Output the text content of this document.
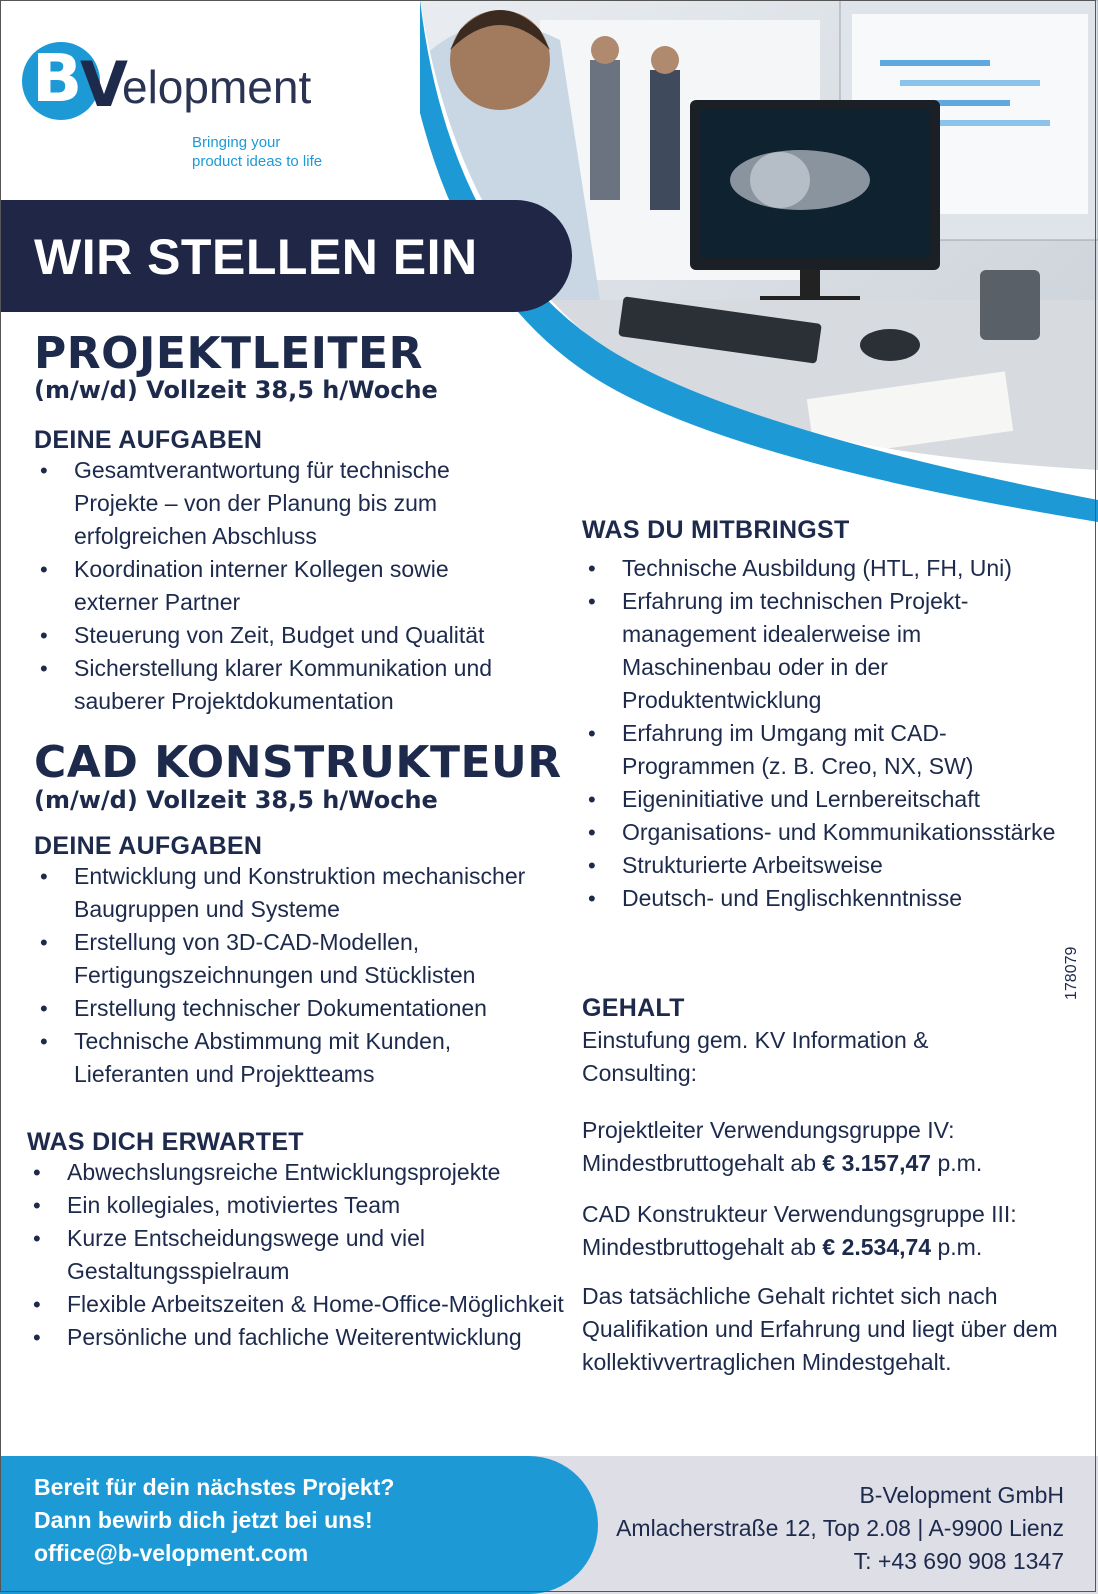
B V
elopment
Bringing your
product ideas to life
WIR STELLEN EIN
PROJEKTLEITER
(m/w/d) Vollzeit 38,5 h/Woche
DEINE AUFGABEN
• Gesamtverantwortung für technische Projekte – von der Planung bis zum erfolgreichen Abschluss
• Koordination interner Kollegen sowie externer Partner
• Steuerung von Zeit, Budget und Qualität
• Sicherstellung klarer Kommunikation und sauberer Projektdokumentation
CAD KONSTRUKTEUR
(m/w/d) Vollzeit 38,5 h/Woche
DEINE AUFGABEN
• Entwicklung und Konstruktion mechanischer Baugruppen und Systeme
• Erstellung von 3D-CAD-Modellen, Fertigungszeichnungen und Stücklisten
• Erstellung technischer Dokumentationen
• Technische Abstimmung mit Kunden, Lieferanten und Projektteams
WAS DICH ERWARTET
• Abwechslungsreiche Entwicklungsprojekte
• Ein kollegiales, motiviertes Team
• Kurze Entscheidungswege und viel Gestaltungsspielraum
• Flexible Arbeitszeiten & Home-Office-Möglichkeit
• Persönliche und fachliche Weiterentwicklung
WAS DU MITBRINGST
• Technische Ausbildung (HTL, FH, Uni)
• Erfahrung im technischen Projekt-management idealerweise im Maschinenbau oder in der Produktentwicklung
• Erfahrung im Umgang mit CAD-Programmen (z. B. Creo, NX, SW)
• Eigeninitiative und Lernbereitschaft
• Organisations- und Kommunikationsstärke
• Strukturierte Arbeitsweise
• Deutsch- und Englischkenntnisse
GEHALT

Einstufung gem. KV Information & Consulting:

Projektleiter Verwendungsgruppe IV:
Mindestbruttogehalt ab € 3.157,47 p.m.
CAD Konstrukteur Verwendungsgruppe III:
Mindestbruttogehalt ab € 2.534,74 p.m.

Das tatsächliche Gehalt richtet sich nach Qualifikation und Erfahrung und liegt über dem kollektivvertraglichen Mindestgehalt.

178079
Bereit für dein nächstes Projekt?
Dann bewirb dich jetzt bei uns!
office@b-velopment.com
B-Velopment GmbH
Amlacherstraße 12, Top 2.08 | A-9900 Lienz
T: +43 690 908 1347
